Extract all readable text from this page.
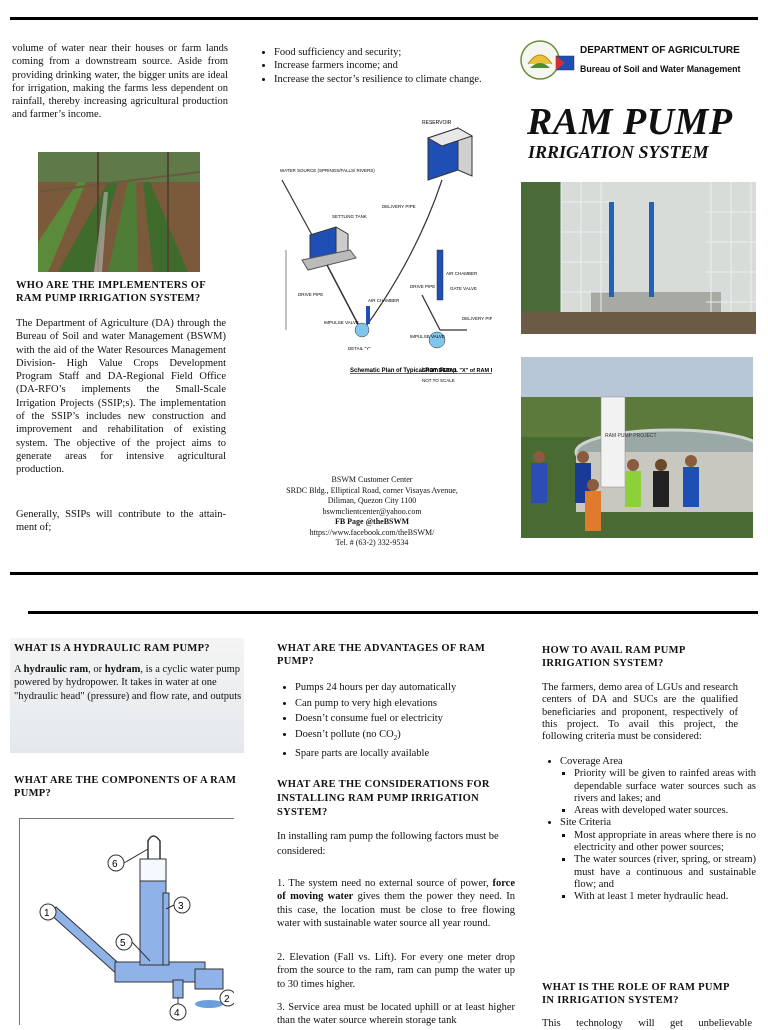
volume of water near their houses or farm lands coming from a downstream source. Aside from providing drinking water, the bigger units are ideal for irrigation, making the farms less dependent on rainfall, thereby increasing agricultural production and farmer’s income.
WHO ARE THE IMPLEMENTERS OF RAM PUMP IRRIGATION SYSTEM?
The Department of Agriculture (DA) through the Bureau of Soil and water Management (BSWM) with the aid of the Water Resources Management Division- High Value Crops Development Program Staff and DA-Regional Field Office (DA-RFO’s implements the Small-Scale Irrigation Projects (SSIP;s). The implementation of the SSIP’s includes new construction and improvement and rehabilitation of existing system. The objective of the project aims to generate areas for intensive agricultural production.
Generally, SSIPs will contribute to the attain-ment of;
• Food sufficiency and security;
• Increase farmers income; and
• Increase the sector’s resilience to climate change.
RESERVOIR
DELIVERY PIPE
WATER SOURCE (SPRINGS/FALLS/ RIVERS)
SETTLING TANK
DRIVE PIPE
AIR CHAMBER
IMPULSE VALVE
DETAIL "Y"
AIR CHAMBER
GATE VALVE
DRIVE PIPE
IMPULSE VALVE
DELIVERY PIP
Schematic Plan of Typical Ram Pump
SPOT DETAIL "X" of RAM
NOT TO SCALE
BSWM Customer Center
SRDC Bldg., Elliptical Road, corner Visayas Avenue,
Diliman, Quezon City 1100
bswmclientcenter@yahoo.com
FB Page @theBSWM
https://www.facebook.com/theBSWM/
Tel. # (63-2) 332-9534
DEPARTMENT OF AGRICULTURE
Bureau of Soil and Water Management
RAM PUMP
IRRIGATION SYSTEM
RAM PUMP PROJECT
WHAT IS A HYDRAULIC RAM PUMP?
A hydraulic ram, or hydram, is a cyclic water pump powered by hydropower. It takes in water at one "hydraulic head" (pressure) and flow rate, and outputs
WHAT ARE THE COMPONENTS OF A RAM PUMP?
1
2
3
4
5
6
WHAT ARE THE ADVANTAGES OF RAM PUMP?
• Pumps 24 hours per day automatically
• Can pump to very high elevations
• Doesn’t consume fuel or electricity
• Doesn’t pollute (no $CO_2$)
• Spare parts are locally available
WHAT ARE THE CONSIDERATIONS FOR INSTALLING RAM PUMP IRRIGATION SYSTEM?
In installing ram pump the following factors must be considered:
1. The system need no external source of power, force of moving water gives them the power they need. In this case, the location must be close to free flowing water with sustainable water source all year round.
2. Elevation (Fall vs. Lift). For every one meter drop from the source to the ram, ram can pump the water up to 30 times higher.
3. Service area must be located uphill or at least higher than the water source wherein storage tank
HOW TO AVAIL RAM PUMP IRRIGATION SYSTEM?
The farmers, demo area of LGUs and research centers of DA and SUCs are the qualified beneficiaries and proponent, respectively of this project. To avail this project, the following criteria must be considered:
• Coverage Area
▪ Priority will be given to rainfed areas with dependable surface water sources such as rivers and lakes; and
▪ Areas with developed water sources.
• Site Criteria
▪ Most appropriate in areas where there is no electricity and other power sources;
▪ The water sources (river, spring, or stream) must have a continuous and sustainable flow; and
▪ With at least 1 meter hydraulic head.
WHAT IS THE ROLE OF RAM PUMP IN IRRIGATION SYSTEM?
This technology will get unbelievable
